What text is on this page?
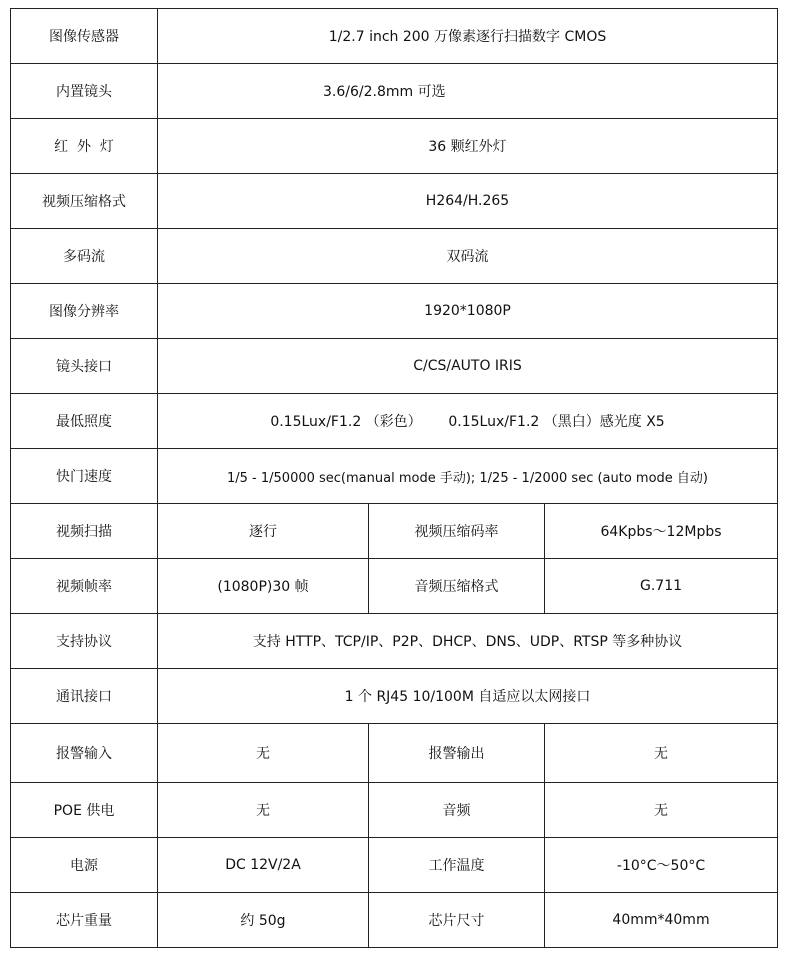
图像传感器	1/2.7 inch 200 万像素逐行扫描数字 CMOS		
内置镜头	3.6/6/2.8mm 可选		
红  外  灯	36 颗红外灯		
视频压缩格式	H264/H.265		
多码流	双码流		
图像分辨率	1920*1080P		
镜头接口	C/CS/AUTO IRIS		
最低照度	0.15Lux/F1.2 （彩色）      0.15Lux/F1.2 （黑白）感光度 X5		
快门速度	1/5 - 1/50000 sec(manual mode 手动); 1/25 - 1/2000 sec (auto mode 自动)		
视频扫描	逐行	视频压缩码率	64Kpbs～12Mpbs
视频帧率	(1080P)30 帧	音频压缩格式	G.711
支持协议	支持 HTTP、TCP/IP、P2P、DHCP、DNS、UDP、RTSP 等多种协议		
通讯接口	1 个 RJ45 10/100M 自适应以太网接口		
报警输入	无	报警输出	无
POE 供电	无	音频	无
电源	DC 12V/2A	工作温度	-10°C～50°C
芯片重量	约 50g	芯片尺寸	40mm*40mm
